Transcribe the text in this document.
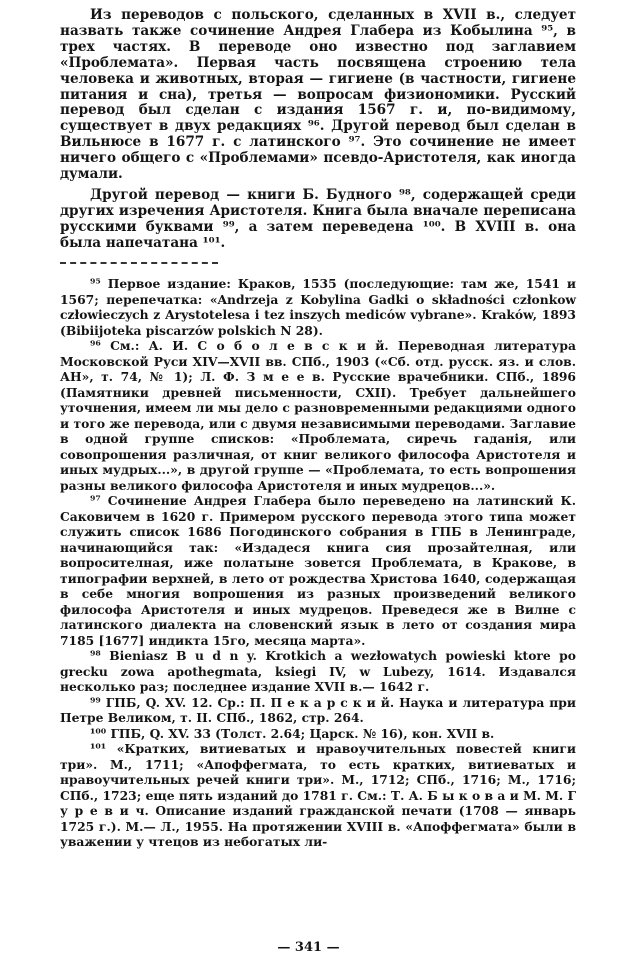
Из переводов с польского, сделанных в XVII в., следует назвать также сочинение Андрея Глабера из Кобылина ⁹⁵, в трех частях. В переводе оно известно под заглавием «Проблемата». Первая часть посвящена строению тела человека и животных, вторая — гигиене (в частности, гигиене питания и сна), третья — вопросам физиономики. Русский перевод был сделан с издания 1567 г. и, по-видимому, существует в двух редакциях ⁹⁶. Другой перевод был сделан в Вильнюсе в 1677 г. с латинского ⁹⁷. Это сочинение не имеет ничего общего с «Проблемами» псевдо-Аристотеля, как иногда думали.

Другой перевод — книги Б. Будного ⁹⁸, содержащей среди других изречения Аристотеля. Книга была вначале переписана русскими буквами ⁹⁹, а затем переведена ¹⁰⁰. В XVIII в. она была напечатана ¹⁰¹.

⁹⁵ Первое издание: Краков, 1535 (последующие: там же, 1541 и 1567; перепечатка: «Andrzeja z Kobylina Gadki o składności członkow człowieczych z Arystotelesa i tez inszych medicόw vybrane». Kraków, 1893 (Bibiijoteka piscarzόw polskich N 28).

⁹⁶ См.: А. И. С о б о л е в с к и й. Переводная литература Московской Руси XIV—XVII вв. СПб., 1903 («Сб. отд. русск. яз. и слов. АН», т. 74, № 1); Л. Ф. З м е е в. Русские врачебники. СПб., 1896 (Памятники древней письменности, CXII). Требует дальнейшего уточнения, имеем ли мы дело с разновременными редакциями одного и того же перевода, или с двумя независимыми переводами. Заглавие в одной группе списков: «Проблемата, сиречь гаданiя, или совопрошения различная, от книг великого философа Аристотеля и иных мудрых...», в другой группе — «Проблемата, то есть вопрошения разны великого философа Аристотеля и иных мудрецов...».

⁹⁷ Сочинение Андрея Глабера было переведено на латинский К. Саковичем в 1620 г. Примером русского перевода этого типа может служить список 1686 Погодинского собрания в ГПБ в Ленинграде, начинающийся так: «Издадеся книга сия прозайтелная, или вопросителная, иже полатыне зовется Проблемата, в Кракове, в типографии верхней, в лето от рождества Христова 1640, содержащая в себе многия вопрошения из разных произведений великого философа Аристотеля и иных мудрецов. Преведеся же в Вилне с латинского диалекта на словенский язык в лето от создания мира 7185 [1677] индикта 15го, месяца марта».

⁹⁸ Bieniasz B u d n y. Krotkich a wezłowatych powieski ktore po grecku zowa apothegmata, ksiegi IV, w Lubezy, 1614. Издавался несколько раз; последнее издание XVII в.— 1642 г.

⁹⁹ ГПБ, Q. XV. 12. Ср.: П. П е к а р с к и й. Наука и литература при Петре Великом, т. II. СПб., 1862, стр. 264.

¹⁰⁰ ГПБ, Q. XV. 33 (Толст. 2.64; Царск. № 16), кон. XVII в.

¹⁰¹ «Кратких, витиеватых и нравоучительных повестей книги три». М., 1711; «Апоффегмата, то есть кратких, витиеватых и нравоучительных речей книги три». М., 1712; СПб., 1716; М., 1716; СПб., 1723; еще пять изданий до 1781 г. См.: Т. А. Б ы к о в а и М. М. Г у р е в и ч. Описание изданий гражданской печати (1708 — январь 1725 г.). М.— Л., 1955. На протяжении XVIII в. «Апоффегмата» были в уважении у чтецов из небогатых ли-

— 341 —
